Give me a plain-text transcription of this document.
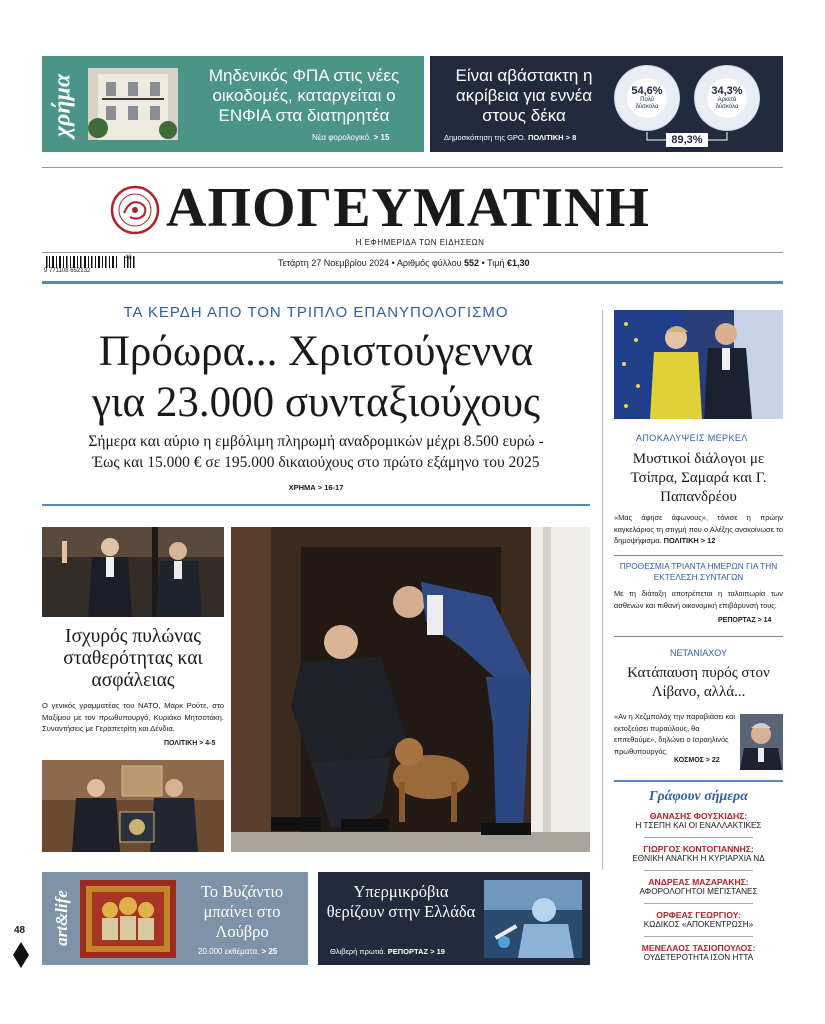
χρήμα	Μηδενικός ΦΠΑ στις νέες οικοδομές, καταργείται ο ΕΝΦΙΑ στα διατηρητέα
Νέα φορολογικό. > 15
Είναι αβάστακτη η ακρίβεια για εννέα στους δέκα
Δημοσκόπηση της GPO. ΠΟΛΙΤΙΚΗ > 8
54,6%
Πολύ δύσκολα
34,3%
Αρκετά δύσκολα
89,3%
ΑΠΟΓΕΥΜΑΤΙΝΗ
Η ΕΦΗΜΕΡΙΔΑ ΤΩΝ ΕΙΔΗΣΕΩΝ
9 771108 652132
48	Τετάρτη 27 Νοεμβρίου 2024 • Αριθμός φύλλου 552 • Τιμή €1,30
ΤΑ ΚΕΡΔΗ ΑΠΟ ΤΟΝ ΤΡΙΠΛΟ ΕΠΑΝΥΠΟΛΟΓΙΣΜΟ
Πρόωρα... Χριστούγεννα
για 23.000 συνταξιούχους
Σήμερα και αύριο η εμβόλιμη πληρωμή αναδρομικών μέχρι 8.500 ευρώ -
Έως και 15.000 € σε 195.000 δικαιούχους στο πρώτο εξάμηνο του 2025
ΧΡΗΜΑ > 16-17
Ισχυρός πυλώνας σταθερότητας και ασφάλειας
Ο γενικός γραμματέας του ΝΑΤΟ, Μαρκ Ρούτε, στο Μαξίμου με τον πρωθυπουργό, Κυριάκο Μητσοτάκη. Συναντήσεις με Γεραπετρίτη και Δένδια.
ΠΟΛΙΤΙΚΗ > 4-5
ΑΠΟΚΑΛΥΨΕΙΣ ΜΕΡΚΕΛ
Μυστικοί διάλογοι με Τσίπρα, Σαμαρά και Γ. Παπανδρέου
«Μας άφησε άφωνους», τόνισε η πρώην καγκελάριος τη στιγμή που ο Αλέξης ανακοίνωσε το δημοψήφισμα. ΠΟΛΙΤΙΚΗ > 12
ΠΡΟΘΕΣΜΙΑ ΤΡΙΑΝΤΑ ΗΜΕΡΩΝ ΓΙΑ ΤΗΝ ΕΚΤΕΛΕΣΗ ΣΥΝΤΑΓΩΝ
Με τη διάταξη αποτρέπεται η ταλαιπωρία των ασθενών και πιθανή οικονομική επιβάρυνσή τους.
ΡΕΠΟΡΤΑΖ > 14
ΝΕΤΑΝΙΑΧΟΥ
Κατάπαυση πυρός στον Λίβανο, αλλά...
«Αν η Χεζμπολάχ την παραβιάσει και εκτοξεύσει πυραύλους, θα επιτεθούμε», δηλώνει ο Ισραηλινός πρωθυπουργός.
ΚΟΣΜΟΣ > 22
Γράφουν σήμερα
ΘΑΝΑΣΗΣ ΦΟΥΣΚΙΔΗΣ:
Η ΤΣΕΠΗ ΚΑΙ ΟΙ ΕΝΑΛΛΑΚΤΙΚΕΣ
ΓΙΩΡΓΟΣ ΚΟΝΤΟΓΙΑΝΝΗΣ:
ΕΘΝΙΚΗ ΑΝΑΓΚΗ Η ΚΥΡΙΑΡΧΙΑ ΝΔ
ΑΝΔΡΕΑΣ ΜΑΖΑΡΑΚΗΣ:
ΑΦΟΡΟΛΟΓΗΤΟΙ ΜΕΓΙΣΤΑΝΕΣ
ΟΡΦΕΑΣ ΓΕΩΡΓΙΟΥ:
ΚΩΔΙΚΟΣ «ΑΠΟΚΕΝΤΡΩΣΗ»
ΜΕΝΕΛΑΟΣ ΤΑΣΙΟΠΟΥΛΟΣ:
ΟΥΔΕΤΕΡΟΤΗΤΑ ΙΣΟΝ ΗΤΤΑ
art&life	Το Βυζάντιο μπαίνει στο Λούβρο
20.000 εκθέματα. > 25
Υπερμικρόβια θερίζουν στην Ελλάδα
Θλιβερή πρωτιά. ΡΕΠΟΡΤΑΖ > 19
48
